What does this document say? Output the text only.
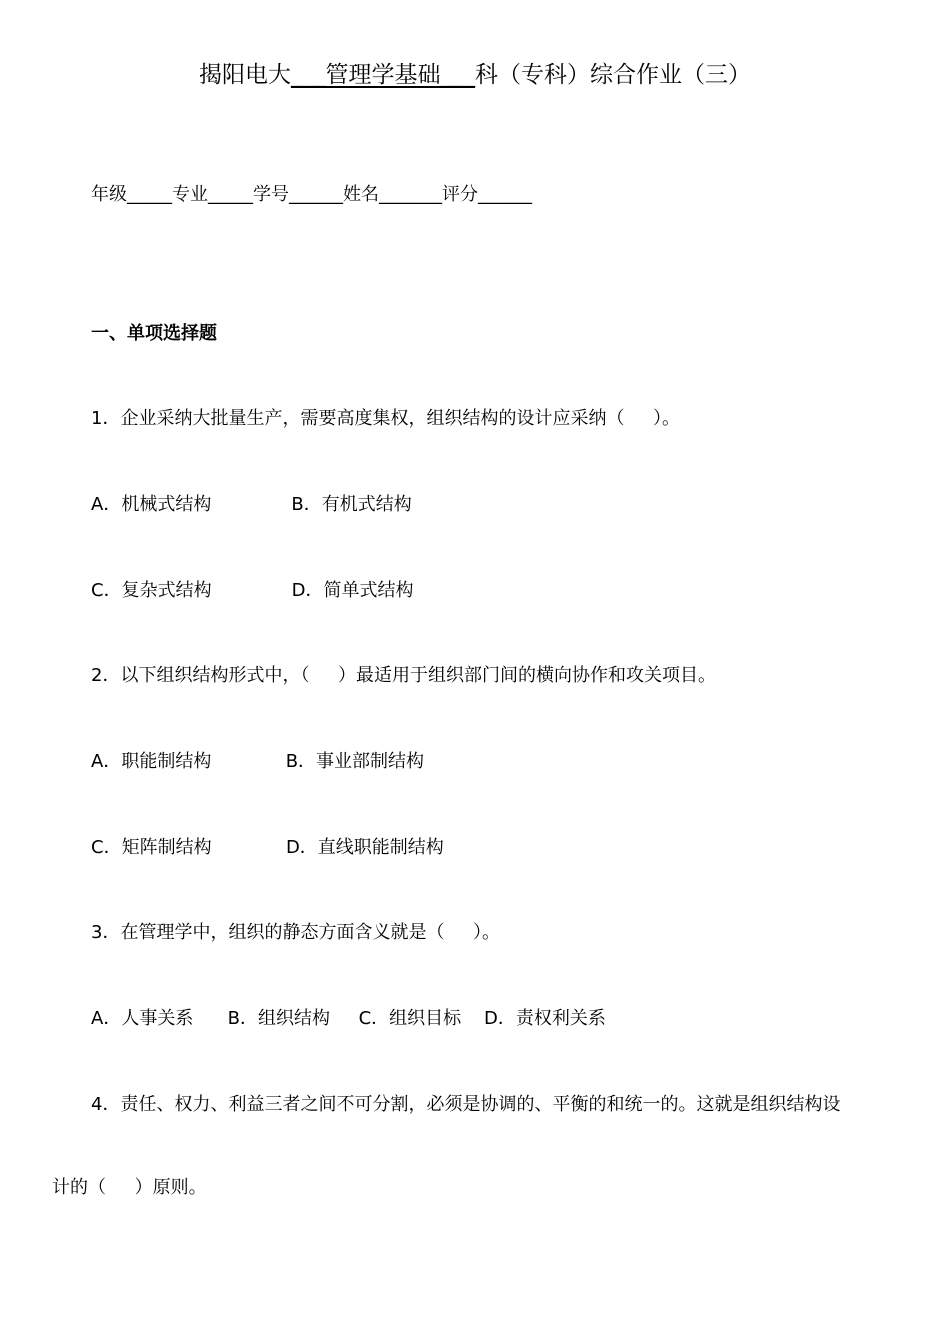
揭阳电大___管理学基础___科（专科）综合作业（三）
年级_____专业_____学号______姓名_______评分______
一、单项选择题
1．企业采纳大批量生产，需要高度集权，组织结构的设计应采纳（     ）。
A．机械式结构              B．有机式结构
C．复杂式结构              D．简单式结构
2．以下组织结构形式中，（     ）最适用于组织部门间的横向协作和攻关项目。
A．职能制结构             B．事业部制结构
C．矩阵制结构             D．直线职能制结构
3．在管理学中，组织的静态方面含义就是（     ）。
A．人事关系      B．组织结构     C．组织目标    D．责权利关系
4．责任、权力、利益三者之间不可分割，必须是协调的、平衡的和统一的。这就是组织结构设
计的（     ）原则。
